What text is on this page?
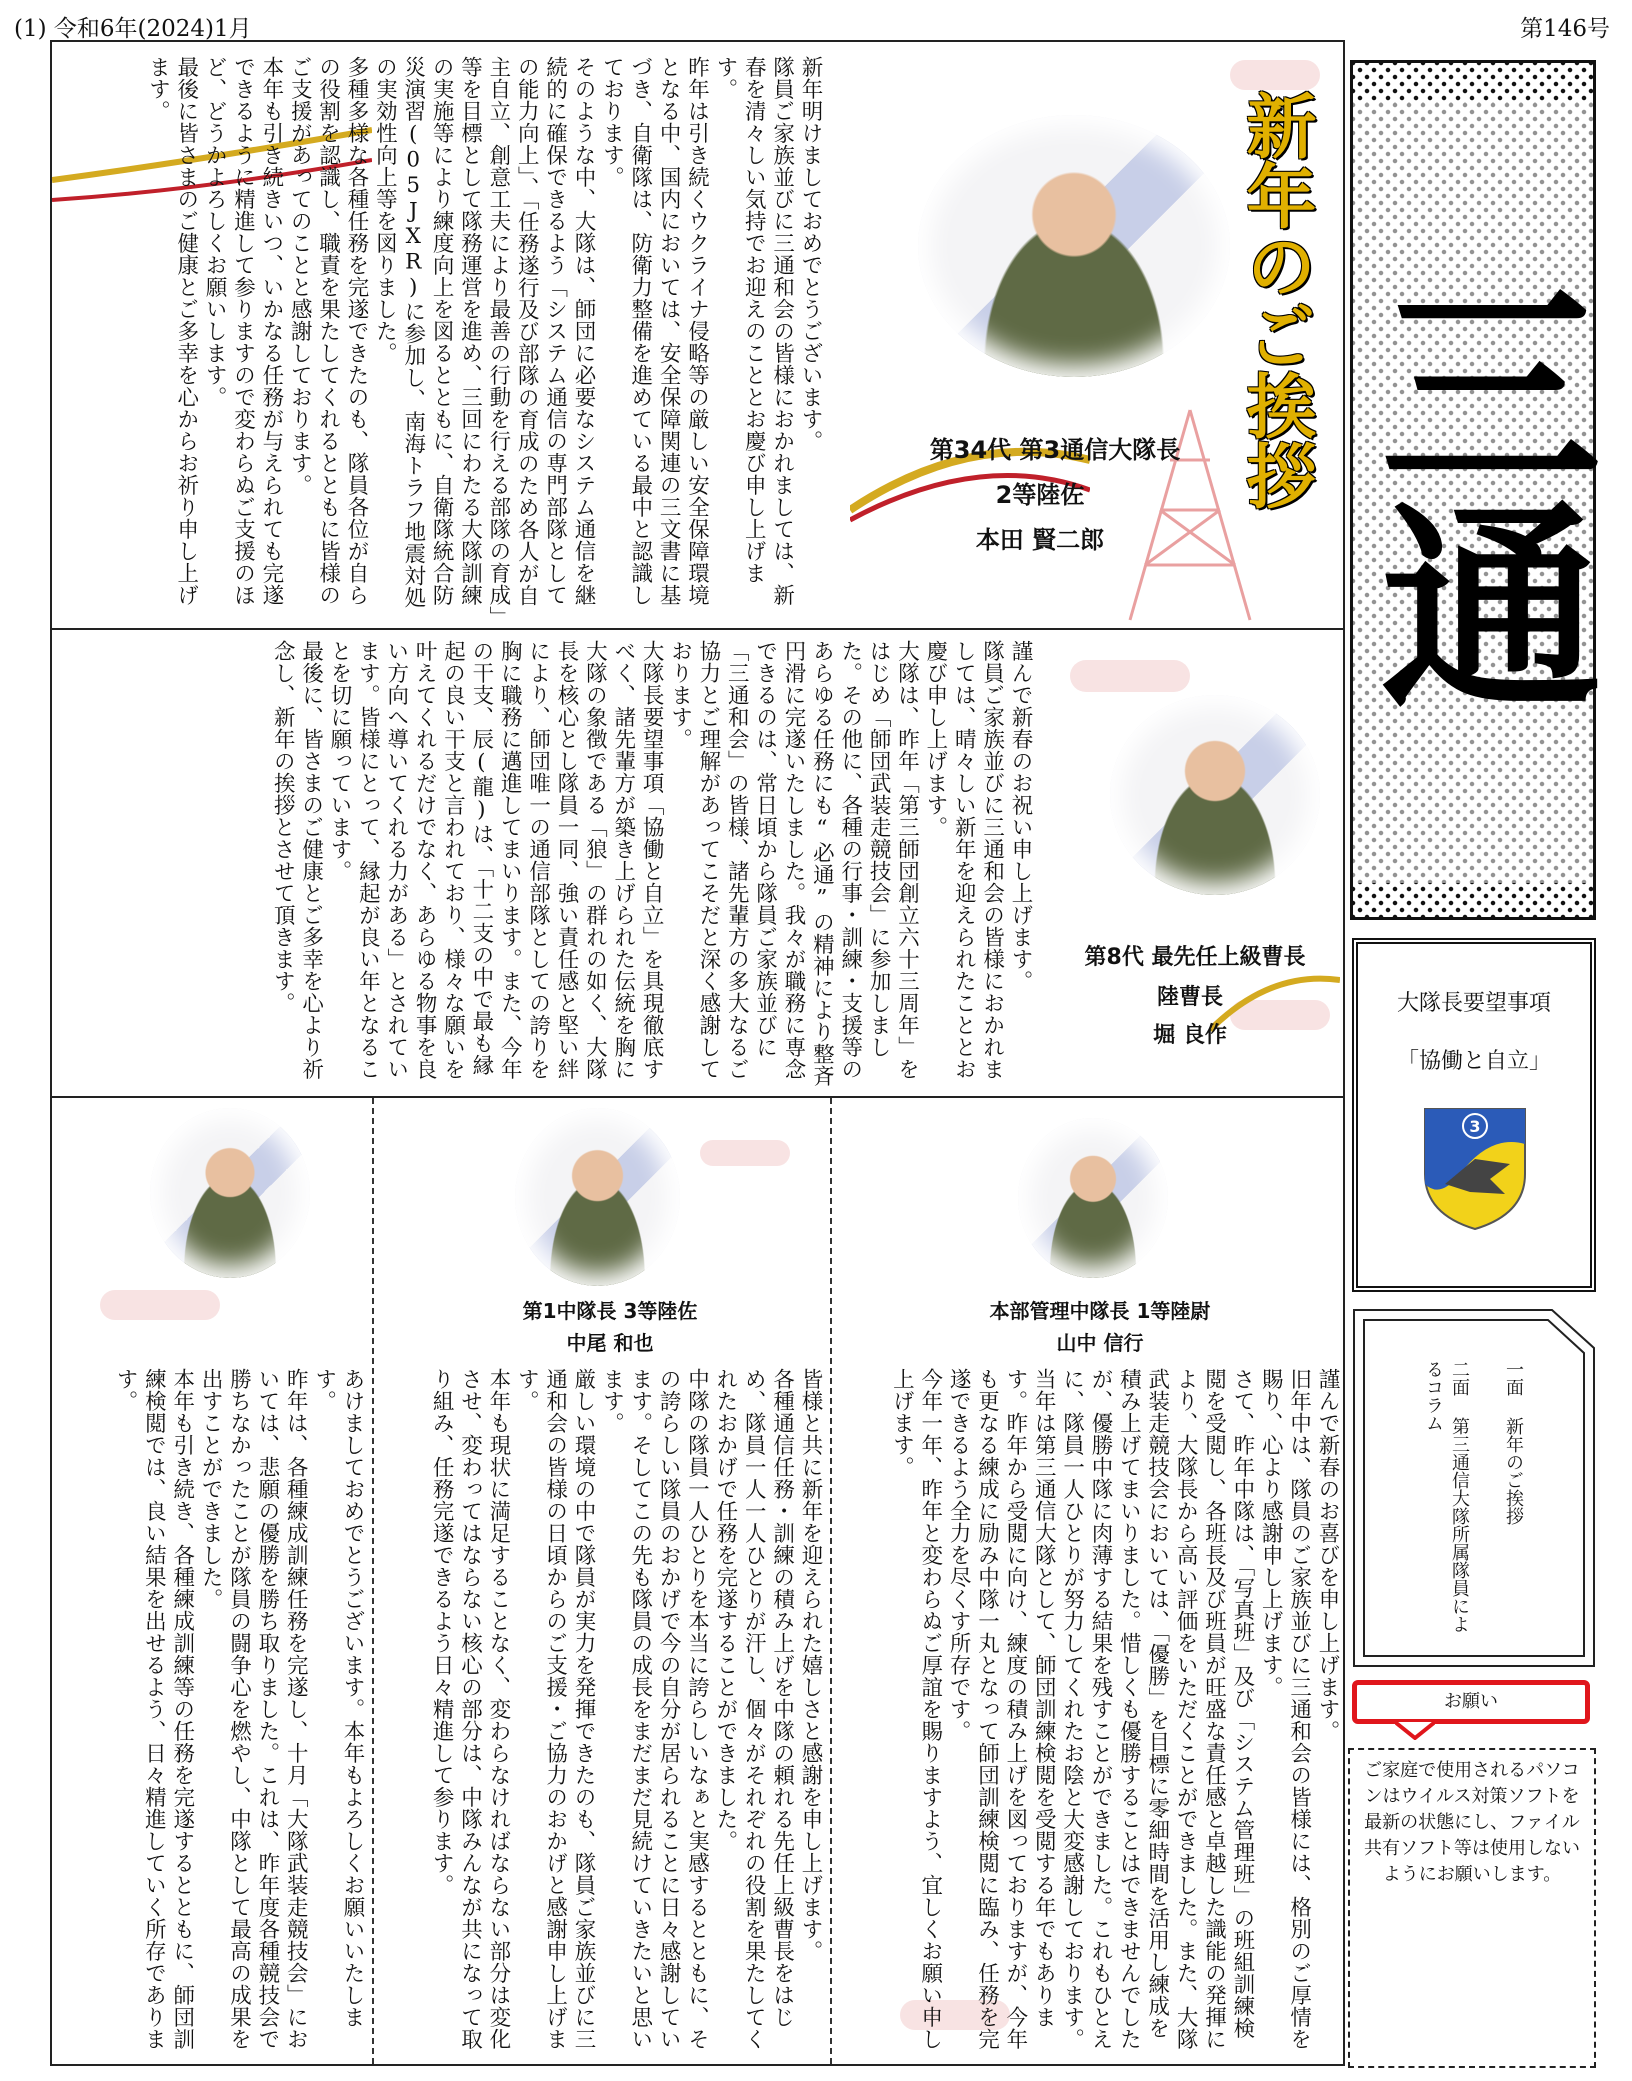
(1) 令和6年(2024)1月	第146号
三通
大隊長要望事項
「協働と自立」
3
一面 新年のご挨拶
二面 第三通信大隊所属隊員によるコラム
お願い
ご家庭で使用されるパソコンはウイルス対策ソフトを最新の状態にし、ファイル共有ソフト等は使用しないようにお願いします。
新年のご挨拶
第34代 第3通信大隊長
2等陸佐
本田 賢二郎
新年明けましておめでとうございます。
隊員ご家族並びに三通和会の皆様におかれましては、新春を清々しい気持でお迎えのこととお慶び申し上げます。
昨年は引き続くウクライナ侵略等の厳しい安全保障環境となる中、国内においては、安全保障関連の三文書に基づき、自衛隊は、防衛力整備を進めている最中と認識しております。
そのような中、大隊は、師団に必要なシステム通信を継続的に確保できるよう「システム通信の専門部隊としての能力向上」、「任務遂行及び部隊の育成のため各人が自主自立、創意工夫により最善の行動を行える部隊の育成」等を目標として隊務運営を進め、三回にわたる大隊訓練の実施等により練度向上を図るとともに、自衛隊統合防災演習(05JXR)に参加し、南海トラフ地震対処の実効性向上等を図りました。
多種多様な各種任務を完遂できたのも、隊員各位が自らの役割を認識し、職責を果たしてくれるとともに皆様のご支援があってのことと感謝しております。
本年も引き続きいつ、いかなる任務が与えられても完遂できるように精進して参りますので変わらぬご支援のほど、どうかよろしくお願いします。
最後に皆さまのご健康とご多幸を心からお祈り申し上げます。
第8代 最先任上級曹長
陸曹長
堀 良作
謹んで新春のお祝い申し上げます。
隊員ご家族並びに三通和会の皆様におかれましては、晴々しい新年を迎えられたこととお慶び申し上げます。
大隊は、昨年「第三師団創立六十三周年」をはじめ「師団武装走競技会」に参加しました。その他に、各種の行事・訓練・支援等のあらゆる任務にも“必通”の精神により整斉円滑に完遂いたしました。我々が職務に専念できるのは、常日頃から隊員ご家族並びに「三通和会」の皆様、諸先輩方の多大なるご協力とご理解があってこそだと深く感謝しております。
大隊長要望事項「協働と自立」を具現徹底すべく、諸先輩方が築き上げられた伝統を胸に大隊の象徴である「狼」の群れの如く、大隊長を核心とし隊員一同、強い責任感と堅い絆により、師団唯一の通信部隊としての誇りを胸に職務に邁進してまいります。また、今年の干支、辰(龍)は、「十二支の中で最も縁起の良い干支と言われており、様々な願いを叶えてくれるだけでなく、あらゆる物事を良い方向へ導いてくれる力がある」とされています。皆様にとって、縁起が良い年となることを切に願っています。
最後に、皆さまのご健康とご多幸を心より祈念し、新年の挨拶とさせて頂きます。
第1中隊長 3等陸佐
中尾 和也
本部管理中隊長 1等陸尉
山中 信行
謹んで新春のお喜びを申し上げます。
旧年中は、隊員のご家族並びに三通和会の皆様には、格別のご厚情を賜り、心より感謝申し上げます。
さて、昨年中隊は、「写真班」及び「システム管理班」の班組訓練検閲を受閲し、各班長及び班員が旺盛な責任感と卓越した識能の発揮により、大隊長から高い評価をいただくことができました。また、大隊武装走競技会においては、「優勝」を目標に零細時間を活用し練成を積み上げてまいりました。惜しくも優勝することはできませんでしたが、優勝中隊に肉薄する結果を残すことができました。これもひとえに、隊員一人ひとりが努力してくれたお陰と大変感謝しております。
当年は第三通信大隊として、師団訓練検閲を受閲する年でもあります。昨年から受閲に向け、練度の積み上げを図っておりますが、今年も更なる練成に励み中隊一丸となって師団訓練検閲に臨み、任務を完遂できるよう全力を尽くす所存です。
今年一年、昨年と変わらぬご厚誼を賜りますよう、宜しくお願い申し上げます。
皆様と共に新年を迎えられた嬉しさと感謝を申し上げます。
各種通信任務・訓練の積み上げを中隊の頼れる先任上級曹長をはじめ、隊員一人一人ひとりが汗し、個々がそれぞれの役割を果たしてくれたおかげで任務を完遂することができました。
中隊の隊員一人ひとりを本当に誇らしいなぁと実感するとともに、その誇らしい隊員のおかげで今の自分が居られることに日々感謝しています。そしてこの先も隊員の成長をまだまだ見続けていきたいと思います。
厳しい環境の中で隊員が実力を発揮できたのも、隊員ご家族並びに三通和会の皆様の日頃からのご支援・ご協力のおかげと感謝申し上げます。
本年も現状に満足することなく、変わらなければならない部分は変化させ、変わってはならない核心の部分は、中隊みんなが共になって取り組み、任務完遂できるよう日々精進して参ります。
あけましておめでとうございます。本年もよろしくお願いいたします。
昨年は、各種練成訓練任務を完遂し、十月「大隊武装走競技会」においては、悲願の優勝を勝ち取りました。これは、昨年度各種競技会で勝ちなかったことが隊員の闘争心を燃やし、中隊として最高の成果を出すことができました。
本年も引き続き、各種練成訓練等の任務を完遂するとともに、師団訓練検閲では、良い結果を出せるよう、日々精進していく所存であります。
